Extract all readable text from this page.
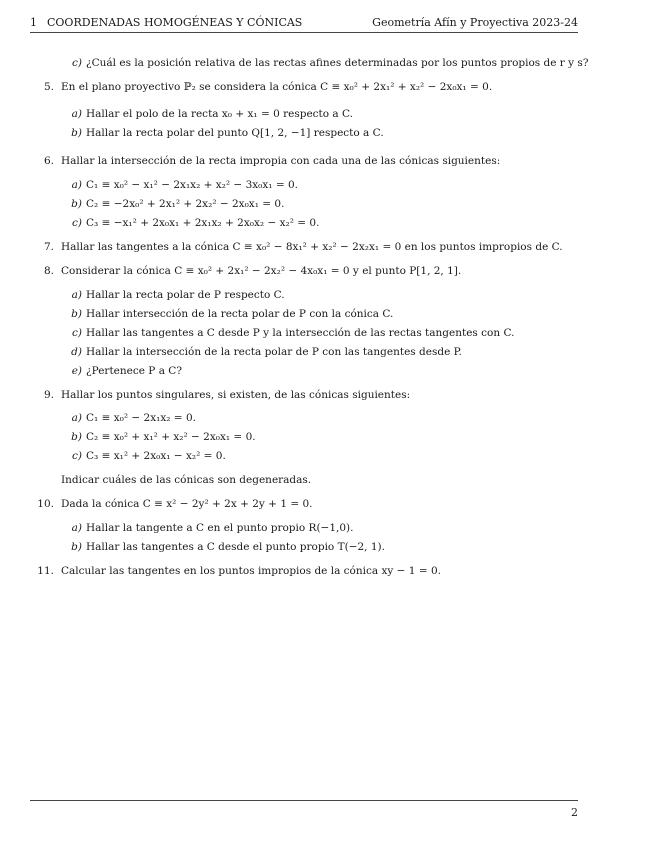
1 COORDENADAS HOMOGÉNEAS Y CÓNICAS	Geometría Afín y Proyectiva 2023-24
c) ¿Cuál es la posición relativa de las rectas afines determinadas por los puntos propios de r y s?
5. En el plano proyectivo ℙ₂ se considera la cónica C ≡ x₀² + 2x₁² + x₂² − 2x₀x₁ = 0.
a) Hallar el polo de la recta x₀ + x₁ = 0 respecto a C.
b) Hallar la recta polar del punto Q[1, 2, −1] respecto a C.
6. Hallar la intersección de la recta impropia con cada una de las cónicas siguientes:
a) C₁ ≡ x₀² − x₁² − 2x₁x₂ + x₂² − 3x₀x₁ = 0.
b) C₂ ≡ −2x₀² + 2x₁² + 2x₂² − 2x₀x₁ = 0.
c) C₃ ≡ −x₁² + 2x₀x₁ + 2x₁x₂ + 2x₀x₂ − x₂² = 0.
7. Hallar las tangentes a la cónica C ≡ x₀² − 8x₁² + x₂² − 2x₂x₁ = 0 en los puntos impropios de C.
8. Considerar la cónica C ≡ x₀² + 2x₁² − 2x₂² − 4x₀x₁ = 0 y el punto P[1, 2, 1].
a) Hallar la recta polar de P respecto C.
b) Hallar intersección de la recta polar de P con la cónica C.
c) Hallar las tangentes a C desde P y la intersección de las rectas tangentes con C.
d) Hallar la intersección de la recta polar de P con las tangentes desde P.
e) ¿Pertenece P a C?
9. Hallar los puntos singulares, si existen, de las cónicas siguientes:
a) C₁ ≡ x₀² − 2x₁x₂ = 0.
b) C₂ ≡ x₀² + x₁² + x₂² − 2x₀x₁ = 0.
c) C₃ ≡ x₁² + 2x₀x₁ − x₂² = 0.
Indicar cuáles de las cónicas son degeneradas.
10. Dada la cónica C ≡ x² − 2y² + 2x + 2y + 1 = 0.
a) Hallar la tangente a C en el punto propio R(−1,0).
b) Hallar las tangentes a C desde el punto propio T(−2, 1).
11. Calcular las tangentes en los puntos impropios de la cónica xy − 1 = 0.
2
